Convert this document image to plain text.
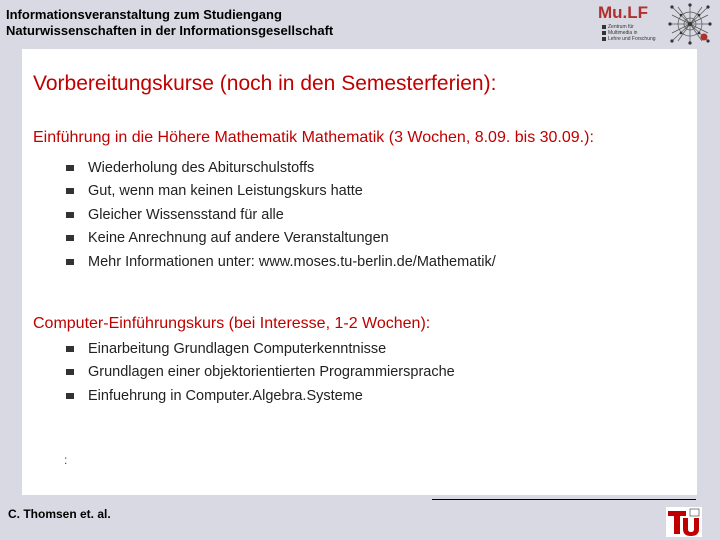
Informationsveranstaltung zum Studiengang
Naturwissenschaften in der Informationsgesellschaft
Mu.LF
Zentrum für
Multimedia in
Lehre und Forschung
Vorbereitungskurse (noch in den Semesterferien):
Einführung in die Höhere Mathematik Mathematik (3 Wochen, 8.09. bis 30.09.):
Wiederholung des Abiturschulstoffs
Gut, wenn man keinen Leistungskurs hatte
Gleicher Wissensstand für alle
Keine Anrechnung auf andere Veranstaltungen
Mehr Informationen unter: www.moses.tu-berlin.de/Mathematik/
Computer-Einführungskurs (bei Interesse, 1-2 Wochen):
Einarbeitung Grundlagen Computerkenntnisse
Grundlagen einer objektorientierten Programmiersprache
Einfuehrung in Computer.Algebra.Systeme
:
C. Thomsen et. al.
